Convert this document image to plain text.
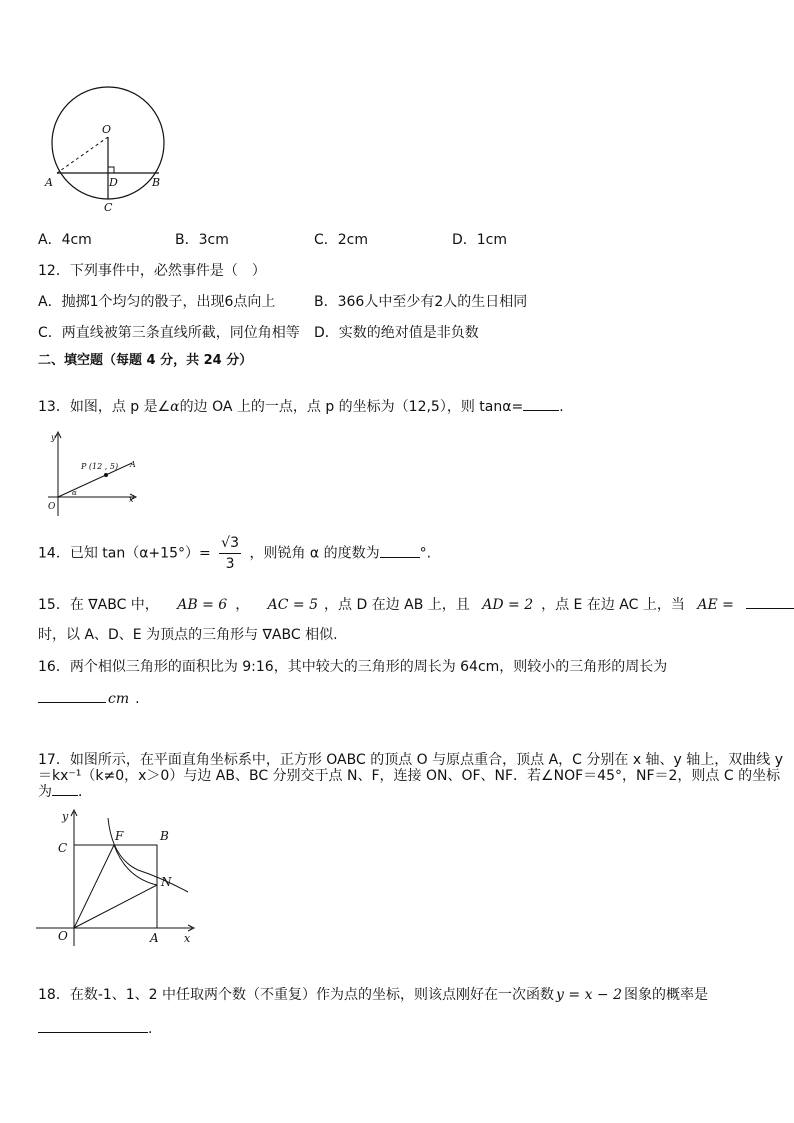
O
A	D	B
C
A．4cm	B．3cm	C．2cm	D．1cm
12．下列事件中，必然事件是（　）
A．抛掷1个均匀的骰子，出现6点向上	B．366人中至少有2人的生日相同
C．两直线被第三条直线所截，同位角相等 D．实数的绝对值是非负数
二、填空题（每题 4 分，共 24 分）
13．如图，点 p 是∠α的边 OA 上的一点，点 p 的坐标为（12,5），则 tanα=	.
y
x
O
P (12 , 5) A
α
14．已知 $\tan(\alpha+15^\circ)= \frac{√3}{3}$ ，则锐角 α 的度数为	°.
15．在 ∇ABC 中， AB = 6 ， AC = 5 ，点 D 在边 AB 上，且 AD = 2 ，点 E 在边 AC 上，当 AE =
时，以 A、D、E 为顶点的三角形与 ∇ABC 相似.
16．两个相似三角形的面积比为 9:16，其中较大的三角形的周长为 64cm，则较小的三角形的周长为
cm .
17．如图所示，在平面直角坐标系中，正方形 OABC 的顶点 O 与原点重合，顶点 A，C 分别在 x 轴、y 轴上，双曲线 y
＝kx⁻¹（k≠0，x＞0）与边 AB、BC 分别交于点 N、F，连接 ON、OF、NF．若∠NOF＝45°，NF＝2，则点 C 的坐标
为 ．
y
C
F	B
N
O	A x
18．在数-1、1、2 中任取两个数（不重复）作为点的坐标，则该点刚好在一次函数 y = x − 2 图象的概率是
.
